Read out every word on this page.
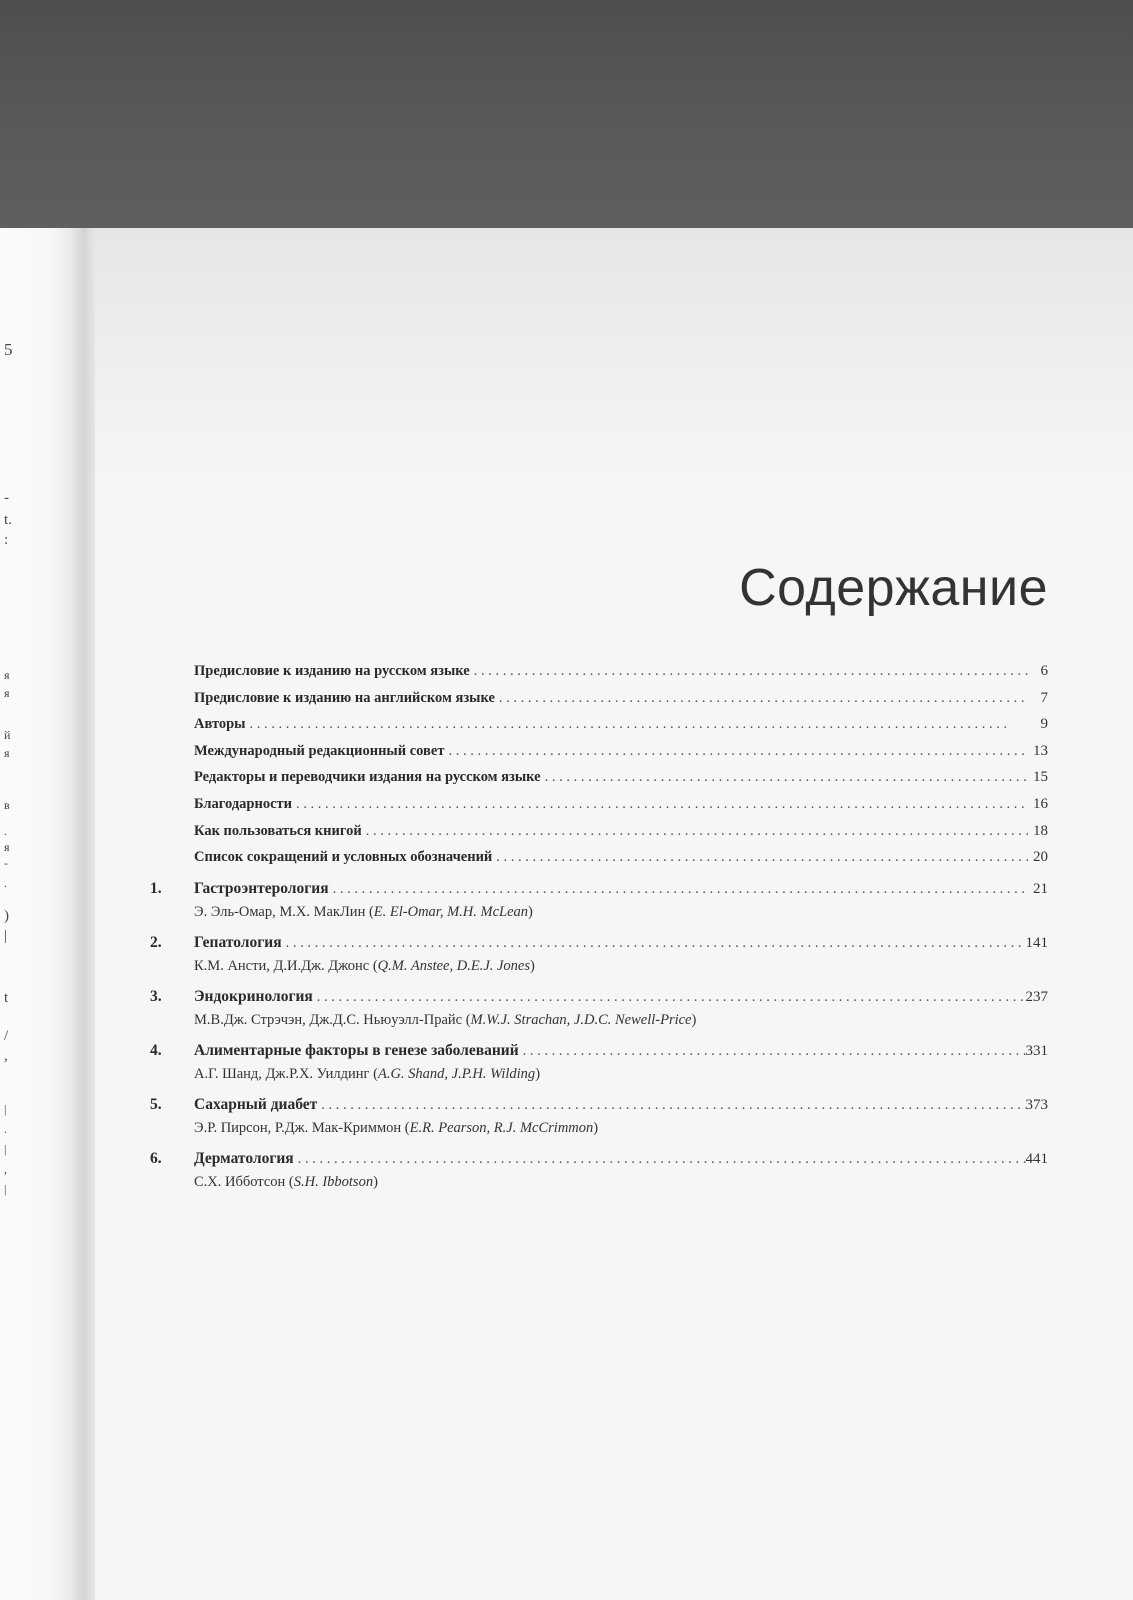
5
-
t.
:
я
я
й
я
в
.
я
-
.
)
|
t
/
,
|
.
|
,
|
Содержание
Предисловие к изданию на русском языке . . .	6
Предисловие к изданию на английском языке . . .	7
Авторы . . .	9
Международный редакционный совет . . .	13
Редакторы и переводчики издания на русском языке . . .	15
Благодарности . . .	16
Как пользоваться книгой . . .	18
Список сокращений и условных обозначений . . .	20
1.	Гастроэнтерология . . .	21
Э. Эль-Омар, М.Х. МакЛин (E. El-Omar, M.H. McLean)
2.	Гепатология . . .	141
К.М. Ансти, Д.И.Дж. Джонс (Q.M. Anstee, D.E.J. Jones)
3.	Эндокринология . . .	237
М.В.Дж. Стрэчэн, Дж.Д.С. Ньюуэлл-Прайс (M.W.J. Strachan, J.D.C. Newell-Price)
4.	Алиментарные факторы в генезе заболеваний . . .	331
А.Г. Шанд, Дж.Р.Х. Уилдинг (A.G. Shand, J.P.H. Wilding)
5.	Сахарный диабет . . .	373
Э.Р. Пирсон, Р.Дж. Мак-Криммон (E.R. Pearson, R.J. McCrimmon)
6.	Дерматология . . .	441
С.Х. Ибботсон (S.H. Ibbotson)
